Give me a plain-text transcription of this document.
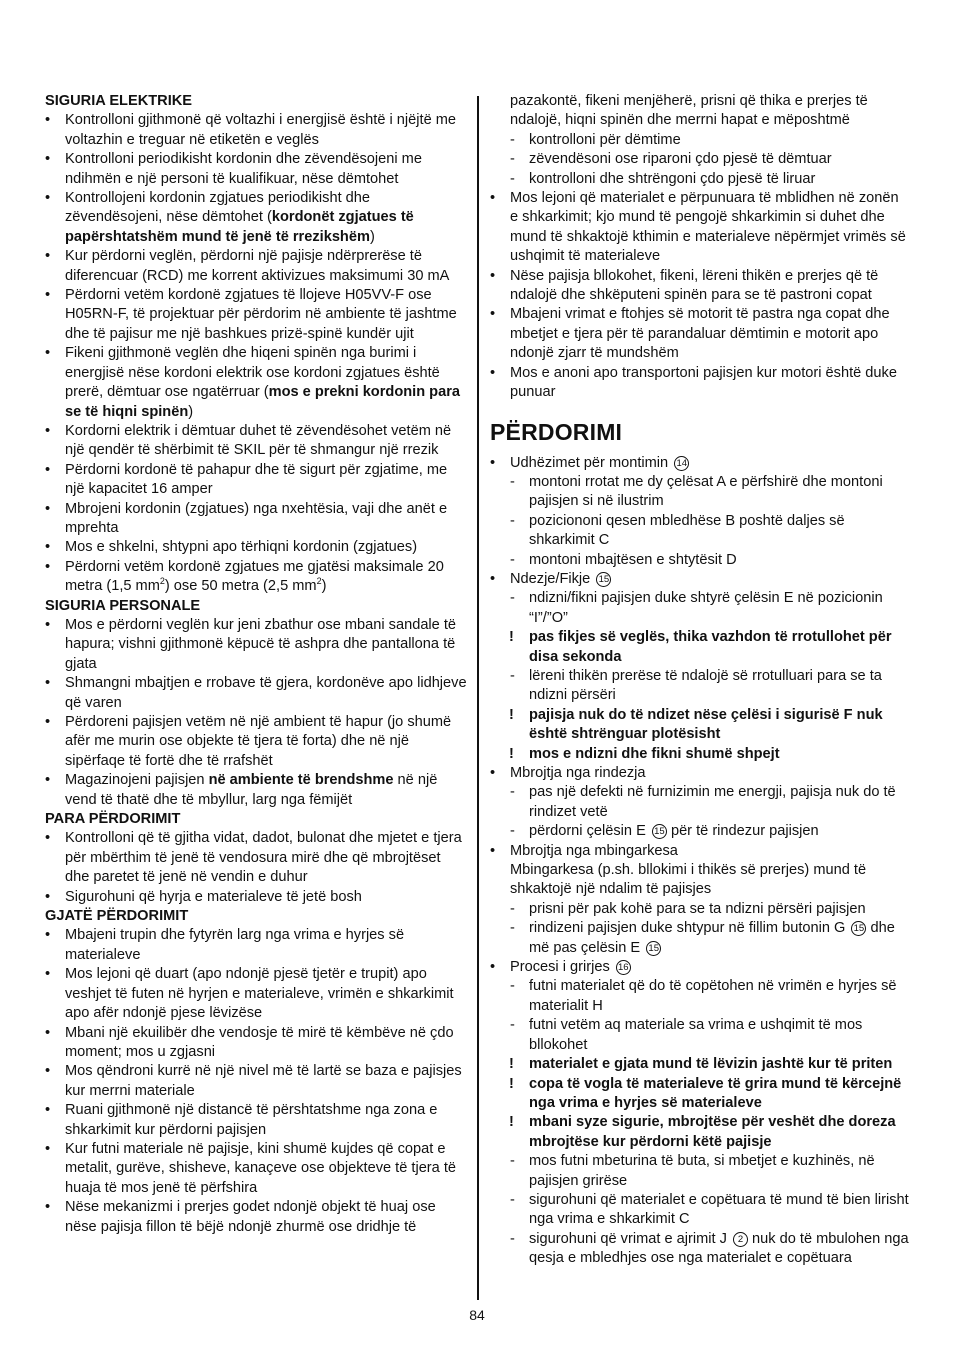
SIGURIA ELEKTRIKE
• Kontrolloni gjithmonë që voltazhi i energjisë është i njëjtë me voltazhin e treguar në etiketën e veglës
• Kontrolloni periodikisht kordonin dhe zëvendësojeni me ndihmën e një personi të kualifikuar, nëse dëmtohet
• Kontrollojeni kordonin zgjatues periodikisht dhe zëvendësojeni, nëse dëmtohet (kordonët zgjatues të papërshtatshëm mund të jenë të rrezikshëm)
• Kur përdorni veglën, përdorni një pajisje ndërprerëse të diferencuar (RCD) me korrent aktivizues maksimumi 30 mA
• Përdorni vetëm kordonë zgjatues të llojeve H05VV-F ose H05RN-F, të projektuar për përdorim në ambiente të jashtme dhe të pajisur me një bashkues prizë-spinë kundër ujit
• Fikeni gjithmonë veglën dhe hiqeni spinën nga burimi i energjisë nëse kordoni elektrik ose kordoni zgjatues është prerë, dëmtuar ose ngatërruar (mos e prekni kordonin para se të hiqni spinën)
• Kordorni elektrik i dëmtuar duhet të zëvendësohet vetëm në një qendër të shërbimit të SKIL për të shmangur një rrezik
• Përdorni kordonë të pahapur dhe të sigurt për zgjatime, me një kapacitet 16 amper
• Mbrojeni kordonin (zgjatues) nga nxehtësia, vaji dhe anët e mprehta
• Mos e shkelni, shtypni apo tërhiqni kordonin (zgjatues)
• Përdorni vetëm kordonë zgjatues me gjatësi maksimale 20 metra (1,5 $mm^2$) ose 50 metra (2,5 $mm^2$)
SIGURIA PERSONALE
• Mos e përdorni veglën kur jeni zbathur ose mbani sandale të hapura; vishni gjithmonë këpucë të ashpra dhe pantallona të gjata
• Shmangni mbajtjen e rrobave të gjera, kordonëve apo lidhjeve që varen
• Përdoreni pajisjen vetëm në një ambient të hapur (jo shumë afër me murin ose objekte të tjera të forta) dhe në një sipërfaqe të fortë dhe të rrafshët
• Magazinojeni pajisjen në ambiente të brendshme në një vend të thatë dhe të mbyllur, larg nga fëmijët
PARA PËRDORIMIT
• Kontrolloni që të gjitha vidat, dadot, bulonat dhe mjetet e tjera për mbërthim të jenë të vendosura mirë dhe që mbrojtëset dhe paretet të jenë në vendin e duhur
• Sigurohuni që hyrja e materialeve të jetë bosh
GJATË PËRDORIMIT
• Mbajeni trupin dhe fytyrën larg nga vrima e hyrjes së materialeve
• Mos lejoni që duart (apo ndonjë pjesë tjetër e trupit) apo veshjet të futen në hyrjen e materialeve, vrimën e shkarkimit apo afër ndonjë pjese lëvizëse
• Mbani një ekuilibër dhe vendosje të mirë të këmbëve në çdo moment; mos u zgjasni
• Mos qëndroni kurrë në një nivel më të lartë se baza e pajisjes kur merrni materiale
• Ruani gjithmonë një distancë të përshtatshme nga zona e shkarkimit kur përdorni pajisjen
• Kur futni materiale në pajisje, kini shumë kujdes që copat e metalit, gurëve, shisheve, kanaçeve ose objekteve të tjera të huaja të mos jenë të përfshira
• Nëse mekanizmi i prerjes godet ndonjë objekt të huaj ose nëse pajisja fillon të bëjë ndonjë zhurmë ose dridhje të
pazakontë, fikeni menjëherë, prisni që thika e prerjes të ndalojë, hiqni spinën dhe merrni hapat e mëposhtmë
- kontrolloni për dëmtime
- zëvendësoni ose riparoni çdo pjesë të dëmtuar
- kontrolloni dhe shtrëngoni çdo pjesë të liruar
• Mos lejoni që materialet e përpunuara të mblidhen në zonën e shkarkimit; kjo mund të pengojë shkarkimin si duhet dhe mund të shkaktojë kthimin e materialeve nëpërmjet vrimës së ushqimit të materialeve
• Nëse pajisja bllokohet, fikeni, lëreni thikën e prerjes që të ndalojë dhe shkëputeni spinën para se të pastroni copat
• Mbajeni vrimat e ftohjes së motorit të pastra nga copat dhe mbetjet e tjera për të parandaluar dëmtimin e motorit apo ndonjë zjarr të mundshëm
• Mos e anoni apo transportoni pajisjen kur motori është duke punuar
PËRDORIMI
• Udhëzimet për montimin 14
- montoni rrotat me dy çelësat A e përfshirë dhe montoni pajisjen si në ilustrim
- poziciononi qesen mbledhëse B poshtë daljes së shkarkimit C
- montoni mbajtësen e shtytësit D
• Ndezje/Fikje 15
- ndizni/fikni pajisjen duke shtyrë çelësin E në pozicionin “I”/”O”
! pas fikjes së veglës, thika vazhdon të rrotullohet për disa sekonda
- lëreni thikën prerëse të ndalojë së rrotulluari para se ta ndizni përsëri
! pajisja nuk do të ndizet nëse çelësi i sigurisë F nuk është shtrënguar plotësisht
! mos e ndizni dhe fikni shumë shpejt
• Mbrojtja nga rindezja
- pas një defekti në furnizimin me energji, pajisja nuk do të rindizet vetë
- përdorni çelësin E 15 për të rindezur pajisjen
• Mbrojtja nga mbingarkesa
Mbingarkesa (p.sh. bllokimi i thikës së prerjes) mund të shkaktojë një ndalim të pajisjes
- prisni për pak kohë para se ta ndizni përsëri pajisjen
- rindizeni pajisjen duke shtypur në fillim butonin G 15 dhe më pas çelësin E 15
• Procesi i grirjes 16
- futni materialet që do të copëtohen në vrimën e hyrjes së materialit H
- futni vetëm aq materiale sa vrima e ushqimit të mos bllokohet
! materialet e gjata mund të lëvizin jashtë kur të priten
! copa të vogla të materialeve të grira mund të kërcejnë nga vrima e hyrjes së materialeve
! mbani syze sigurie, mbrojtëse për veshët dhe doreza mbrojtëse kur përdorni këtë pajisje
- mos futni mbeturina të buta, si mbetjet e kuzhinës, në pajisjen grirëse
- sigurohuni që materialet e copëtuara të mund të bien lirisht nga vrima e shkarkimit C
- sigurohuni që vrimat e ajrimit J 2 nuk do të mbulohen nga qesja e mbledhjes ose nga materialet e copëtuara
84
